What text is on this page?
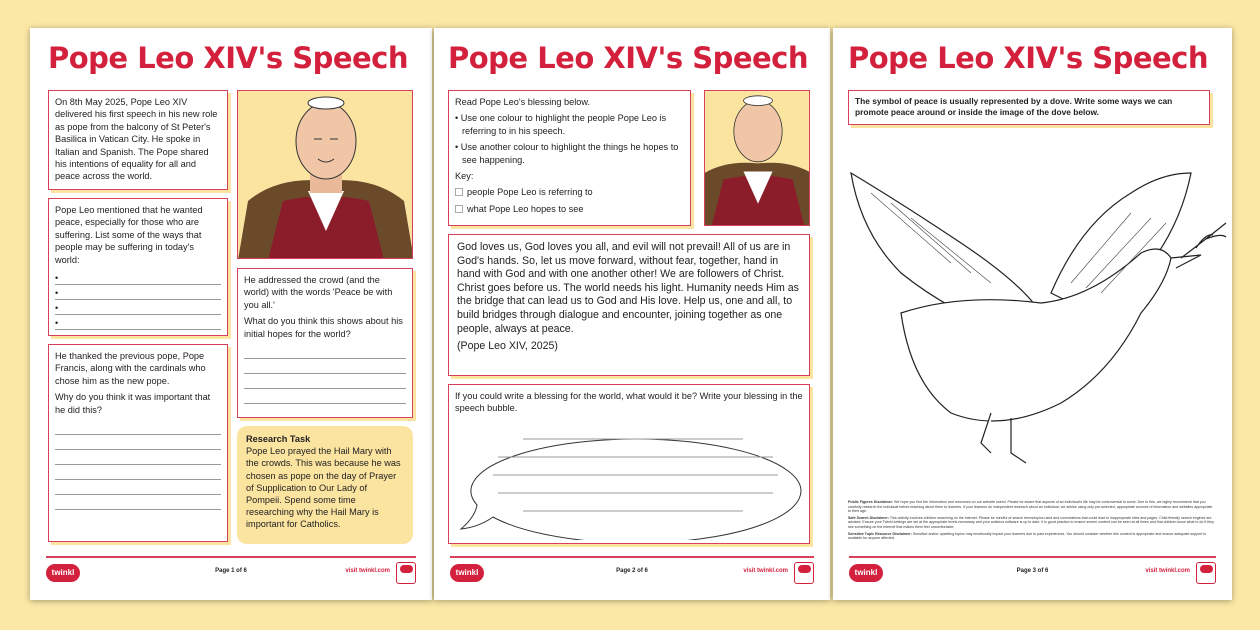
Pope Leo XIV's Speech
On 8th May 2025, Pope Leo XIV delivered his first speech in his new role as pope from the balcony of St Peter's Basilica in Vatican City. He spoke in Italian and Spanish. The Pope shared his intentions of equality for all and peace across the world.

Pope Leo mentioned that he wanted peace, especially for those who are suffering. List some of the ways that people may be suffering in today's world:

•
•
•
•

He thanked the previous pope, Pope Francis, along with the cardinals who chose him as the new pope.

Why do you think it was important that he did this?

He addressed the crowd (and the world) with the words 'Peace be with you all.'

What do you think this shows about his initial hopes for the world?

Research Task
Pope Leo prayed the Hail Mary with the crowds. This was because he was chosen as pope on the day of Prayer of Supplication to Our Lady of Pompeii. Spend some time researching why the Hail Mary is important for Catholics.
twinkl	Page 1 of 6	visit twinkl.com
Pope Leo XIV's Speech

Read Pope Leo's blessing below.

• Use one colour to highlight the people Pope Leo is referring to in his speech.

• Use another colour to highlight the things he hopes to see happening.

Key:

people Pope Leo is referring to

what Pope Leo hopes to see

God loves us, God loves you all, and evil will not prevail! All of us are in God's hands. So, let us move forward, without fear, together, hand in hand with God and with one another other! We are followers of Christ. Christ goes before us. The world needs his light. Humanity needs Him as the bridge that can lead us to God and His love. Help us, one and all, to build bridges through dialogue and encounter, joining together as one people, always at peace.

(Pope Leo XIV, 2025)

If you could write a blessing for the world, what would it be? Write your blessing in the speech bubble.

twinkl	Page 2 of 6	visit twinkl.com
Pope Leo XIV's Speech
The symbol of peace is usually represented by a dove. Write some ways we can promote peace around or inside the image of the dove below.

Public Figures Disclaimer: We hope you find the information and resources on our website useful. Please be aware that aspects of an individual's life may be controversial to some. Due to this, we highly recommend that you carefully research the individual before teaching about them to learners. If your learners do independent research about an individual, we advise using only pre-selected, appropriate sources of information and websites appropriate to their age.

Safe Search Disclaimer: This activity involves children searching on the internet. Please be mindful of search terms/topics used and connotations that could lead to inappropriate sites and pages. Child friendly search engines are advised. Ensure your Twinkl settings are set at the appropriate levels necessary and your antivirus software is up to date. It is good practice to ensure screen content can be seen at all times and that children know what to do if they see something on the internet that makes them feel uncomfortable.

Sensitive Topic Resource Disclaimer: Sensitive and/or upsetting topics may emotionally impact your learners due to past experiences. You should consider whether this content is appropriate and ensure adequate support is available for anyone affected.

twinkl	Page 3 of 6	visit twinkl.com
